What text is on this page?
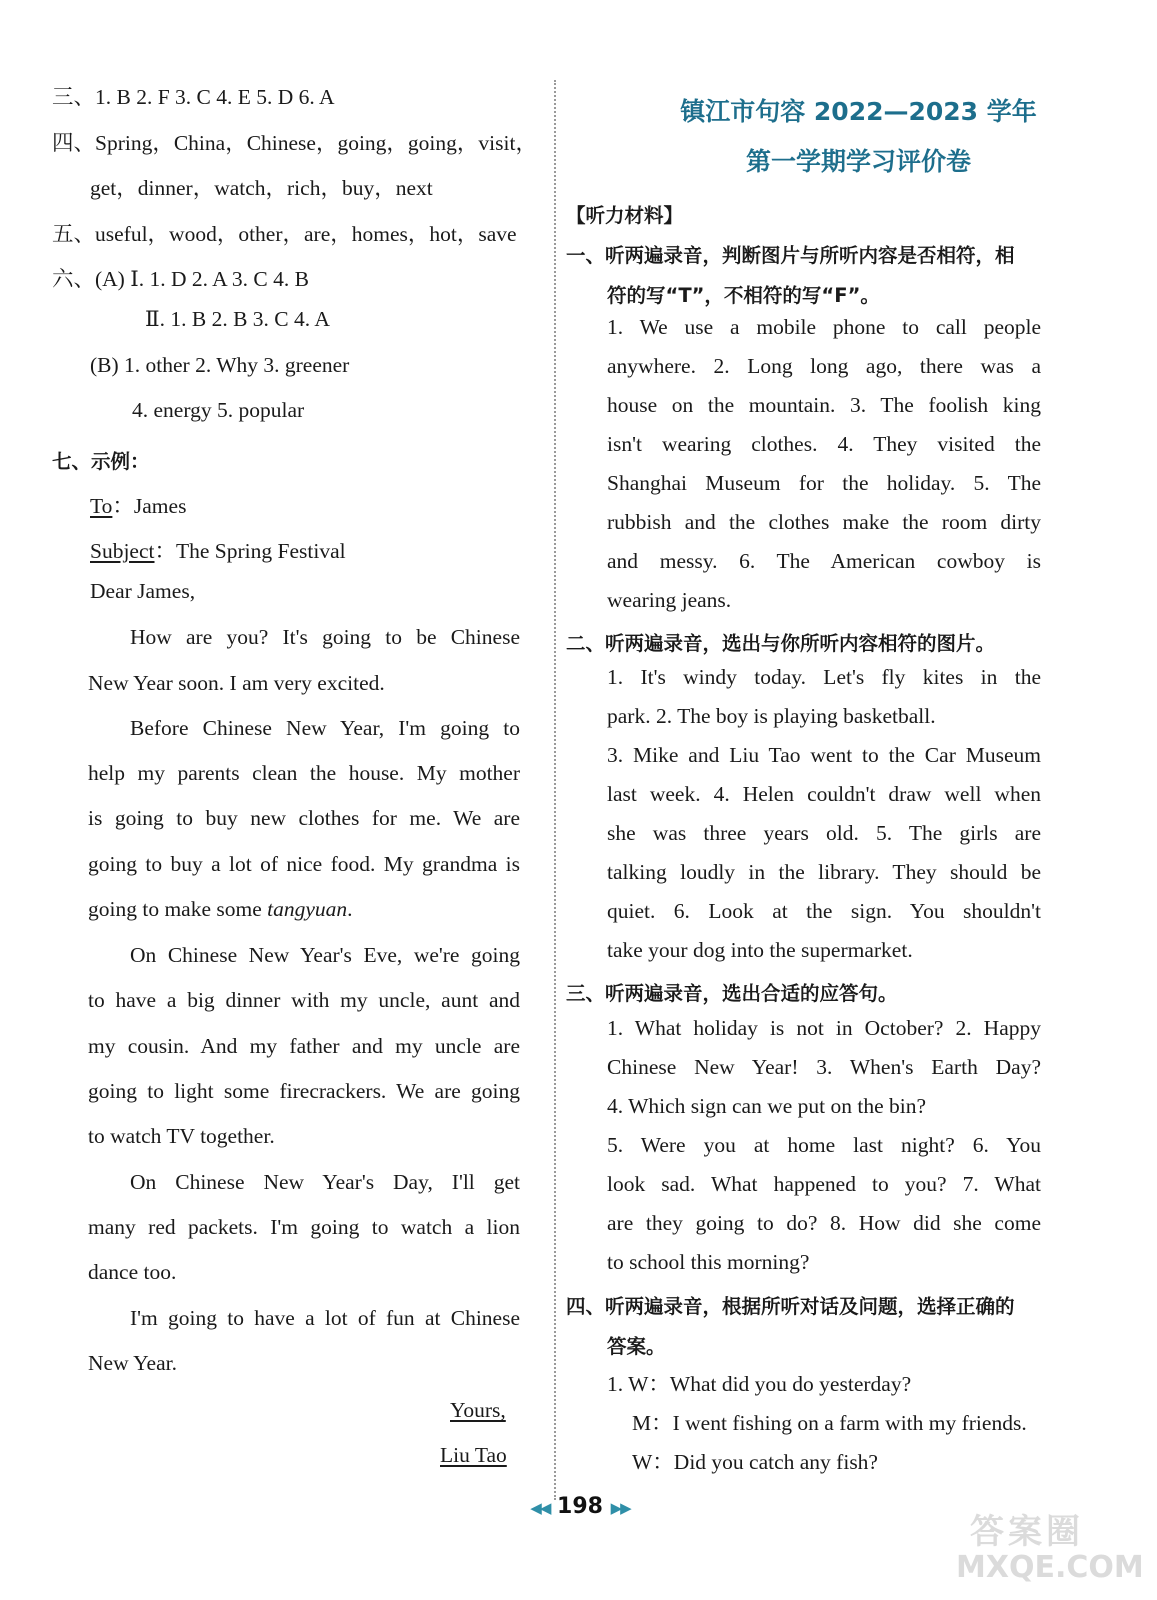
三、1. B 2. F 3. C 4. E 5. D 6. A
四、Spring，China，Chinese，going，going，visit，
get，dinner，watch，rich，buy，next
五、useful，wood，other，are，homes，hot，save
六、(A) Ⅰ. 1. D 2. A 3. C 4. B
Ⅱ. 1. B 2. B 3. C 4. A
(B) 1. other 2. Why 3. greener
4. energy 5. popular
七、示例：
To：James
Subject：The Spring Festival
Dear James,
How are you? It's going to be Chinese
New Year soon. I am very excited.
Before Chinese New Year, I'm going to
help my parents clean the house. My mother
is going to buy new clothes for me. We are
going to buy a lot of nice food. My grandma is
going to make some tangyuan.
On Chinese New Year's Eve, we're going
to have a big dinner with my uncle, aunt and
my cousin. And my father and my uncle are
going to light some firecrackers. We are going
to watch TV together.
On Chinese New Year's Day, I'll get
many red packets. I'm going to watch a lion
dance too.
I'm going to have a lot of fun at Chinese
New Year.
Yours,
Liu Tao
镇江市句容 2022—2023 学年
第一学期学习评价卷
【听力材料】
一、听两遍录音，判断图片与所听内容是否相符，相
符的写“T”，不相符的写“F”。
1. We use a mobile phone to call people
anywhere. 2. Long long ago, there was a
house on the mountain. 3. The foolish king
isn't wearing clothes. 4. They visited the
Shanghai Museum for the holiday. 5. The
rubbish and the clothes make the room dirty
and messy. 6. The American cowboy is
wearing jeans.
二、听两遍录音，选出与你所听内容相符的图片。
1. It's windy today. Let's fly kites in the
park. 2. The boy is playing basketball.
3. Mike and Liu Tao went to the Car Museum
last week. 4. Helen couldn't draw well when
she was three years old. 5. The girls are
talking loudly in the library. They should be
quiet. 6. Look at the sign. You shouldn't
take your dog into the supermarket.
三、听两遍录音，选出合适的应答句。
1. What holiday is not in October? 2. Happy
Chinese New Year! 3. When's Earth Day?
4. Which sign can we put on the bin?
5. Were you at home last night? 6. You
look sad. What happened to you? 7. What
are they going to do? 8. How did she come
to school this morning?
四、听两遍录音，根据所听对话及问题，选择正确的
答案。
1. W：What did you do yesterday?
M：I went fishing on a farm with my friends.
W：Did you catch any fish?
◀◀ 198 ▶▶
答案圈
MXQE.COM
